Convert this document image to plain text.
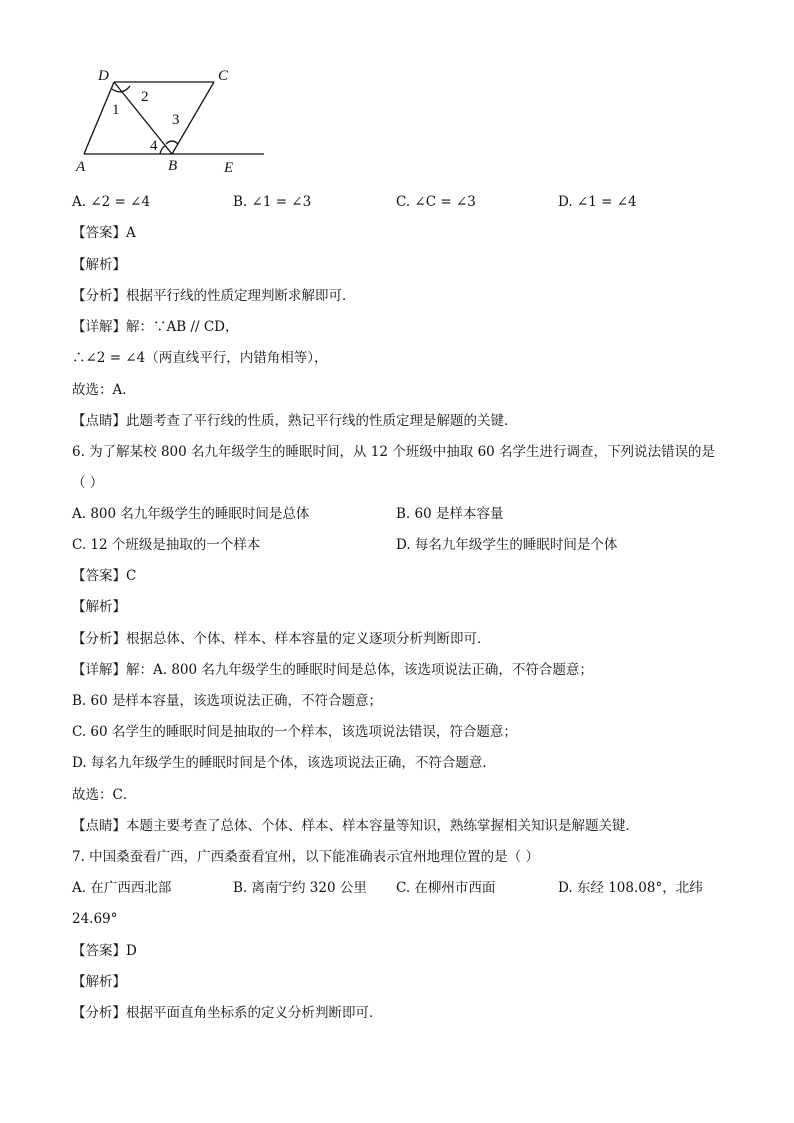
D	C
A	B	E
1
2
3
4
A. ∠2 = ∠4	B. ∠1 = ∠3	C. ∠C = ∠3	D. ∠1 = ∠4
【答案】A
【解析】
【分析】根据平行线的性质定理判断求解即可．
【详解】解：∵AB // CD，
∴∠2 = ∠4（两直线平行，内错角相等），
故选：A．
【点睛】此题考查了平行线的性质，熟记平行线的性质定理是解题的关键．
6. 为了解某校 800 名九年级学生的睡眠时间，从 12 个班级中抽取 60 名学生进行调查，下列说法错误的是
（ ）
A. 800 名九年级学生的睡眠时间是总体	B. 60 是样本容量
C. 12 个班级是抽取的一个样本	D. 每名九年级学生的睡眠时间是个体
【答案】C
【解析】
【分析】根据总体、个体、样本、样本容量的定义逐项分析判断即可．
【详解】解：A. 800 名九年级学生的睡眠时间是总体，该选项说法正确，不符合题意；
B. 60 是样本容量，该选项说法正确，不符合题意；
C. 60 名学生的睡眠时间是抽取的一个样本，该选项说法错误，符合题意；
D. 每名九年级学生的睡眠时间是个体，该选项说法正确，不符合题意．
故选：C．
【点睛】本题主要考查了总体、个体、样本、样本容量等知识，熟练掌握相关知识是解题关键．
7. 中国桑蚕看广西，广西桑蚕看宜州，以下能准确表示宜州地理位置的是（ ）
A. 在广西西北部	B. 离南宁约 320 公里 C. 在柳州市西面	D. 东经 108.08°，北纬
24.69°
【答案】D
【解析】
【分析】根据平面直角坐标系的定义分析判断即可．
